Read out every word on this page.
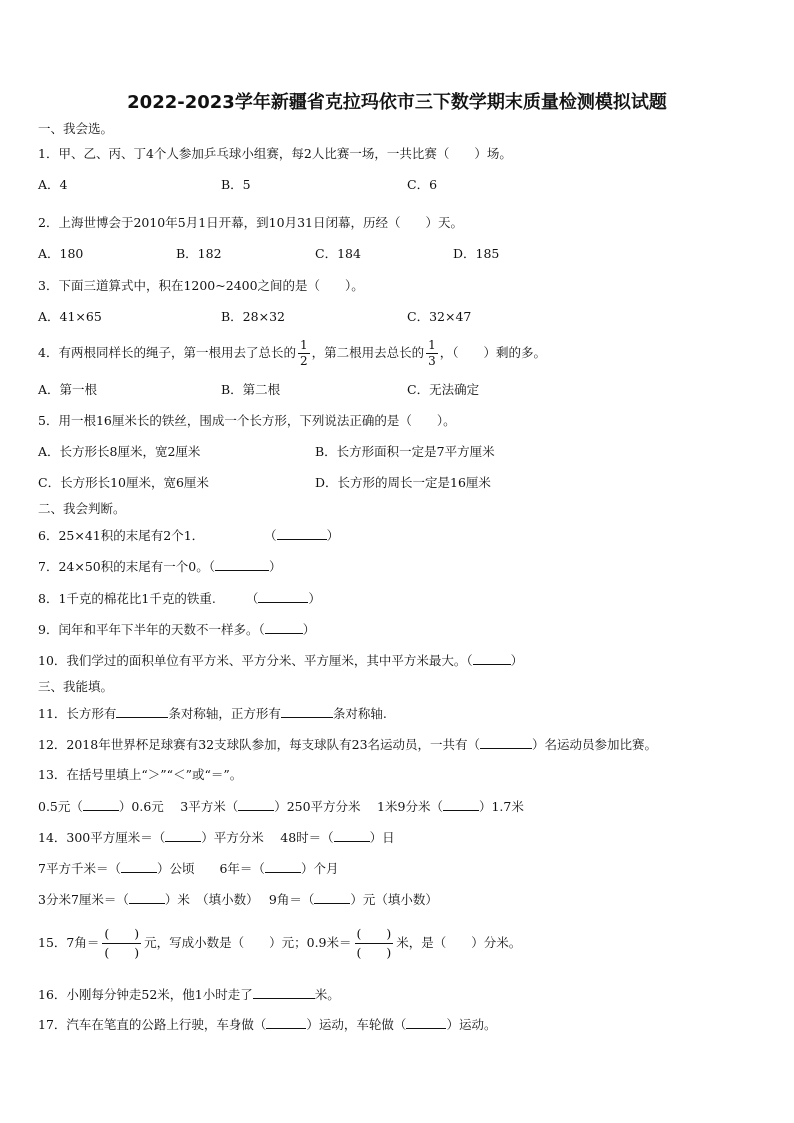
2022-2023学年新疆省克拉玛依市三下数学期末质量检测模拟试题
一、我会选。
1．甲、乙、丙、丁4个人参加乒乓球小组赛，每2人比赛一场，一共比赛（　　）场。
A．4	B．5	C．6
2．上海世博会于2010年5月1日开幕，到10月31日闭幕，历经（　　）天。
A．180	B．182	C．184	D．185
3．下面三道算式中，积在1200~2400之间的是（　　）。
A．41×65	B．28×32	C．32×47
4．有两根同样长的绳子，第一根用去了总长的 $\frac{1}{2}$ ，第二根用去总长的 $\frac{1}{3}$ ，（　　）剩的多。
A．第一根	B．第二根	C．无法确定
5．用一根16厘米长的铁丝，围成一个长方形，下列说法正确的是（　　）。
A．长方形长8厘米，宽2厘米	B．长方形面积一定是7平方厘米
C．长方形长10厘米，宽6厘米	D．长方形的周长一定是16厘米
二、我会判断。
6．25×41积的末尾有2个1．	（	）
7．24×50积的末尾有一个0。（	）
8．1千克的棉花比1千克的铁重. （	）
9．闰年和平年下半年的天数不一样多。（	）
10．我们学过的面积单位有平方米、平方分米、平方厘米，其中平方米最大。（	）
三、我能填。
11．长方形有	条对称轴，正方形有	条对称轴.
12．2018年世界杯足球赛有32支球队参加，每支球队有23名运动员，一共有（	）名运动员参加比赛。
13．在括号里填上“＞”“＜”或“＝”。
0.5元（	）0.6元　 3平方米（	）250平方分米　 1米9分米（	）1.7米
14．300平方厘米＝（	）平方分米　 48时＝（	）日
7平方千米＝（	）公顷　　6年＝（	）个月
3分米7厘米＝（	）米　（填小数）　 9角＝（	）元（填小数）
15．7角＝
(　　)
(　　)
元，写成小数是（　　）元；0.9米＝
(　　)
(　　)
米，是（　　）分米。
16．小刚每分钟走52米，他1小时走了	米。
17．汽车在笔直的公路上行驶，车身做（	）运动，车轮做（	）运动。
